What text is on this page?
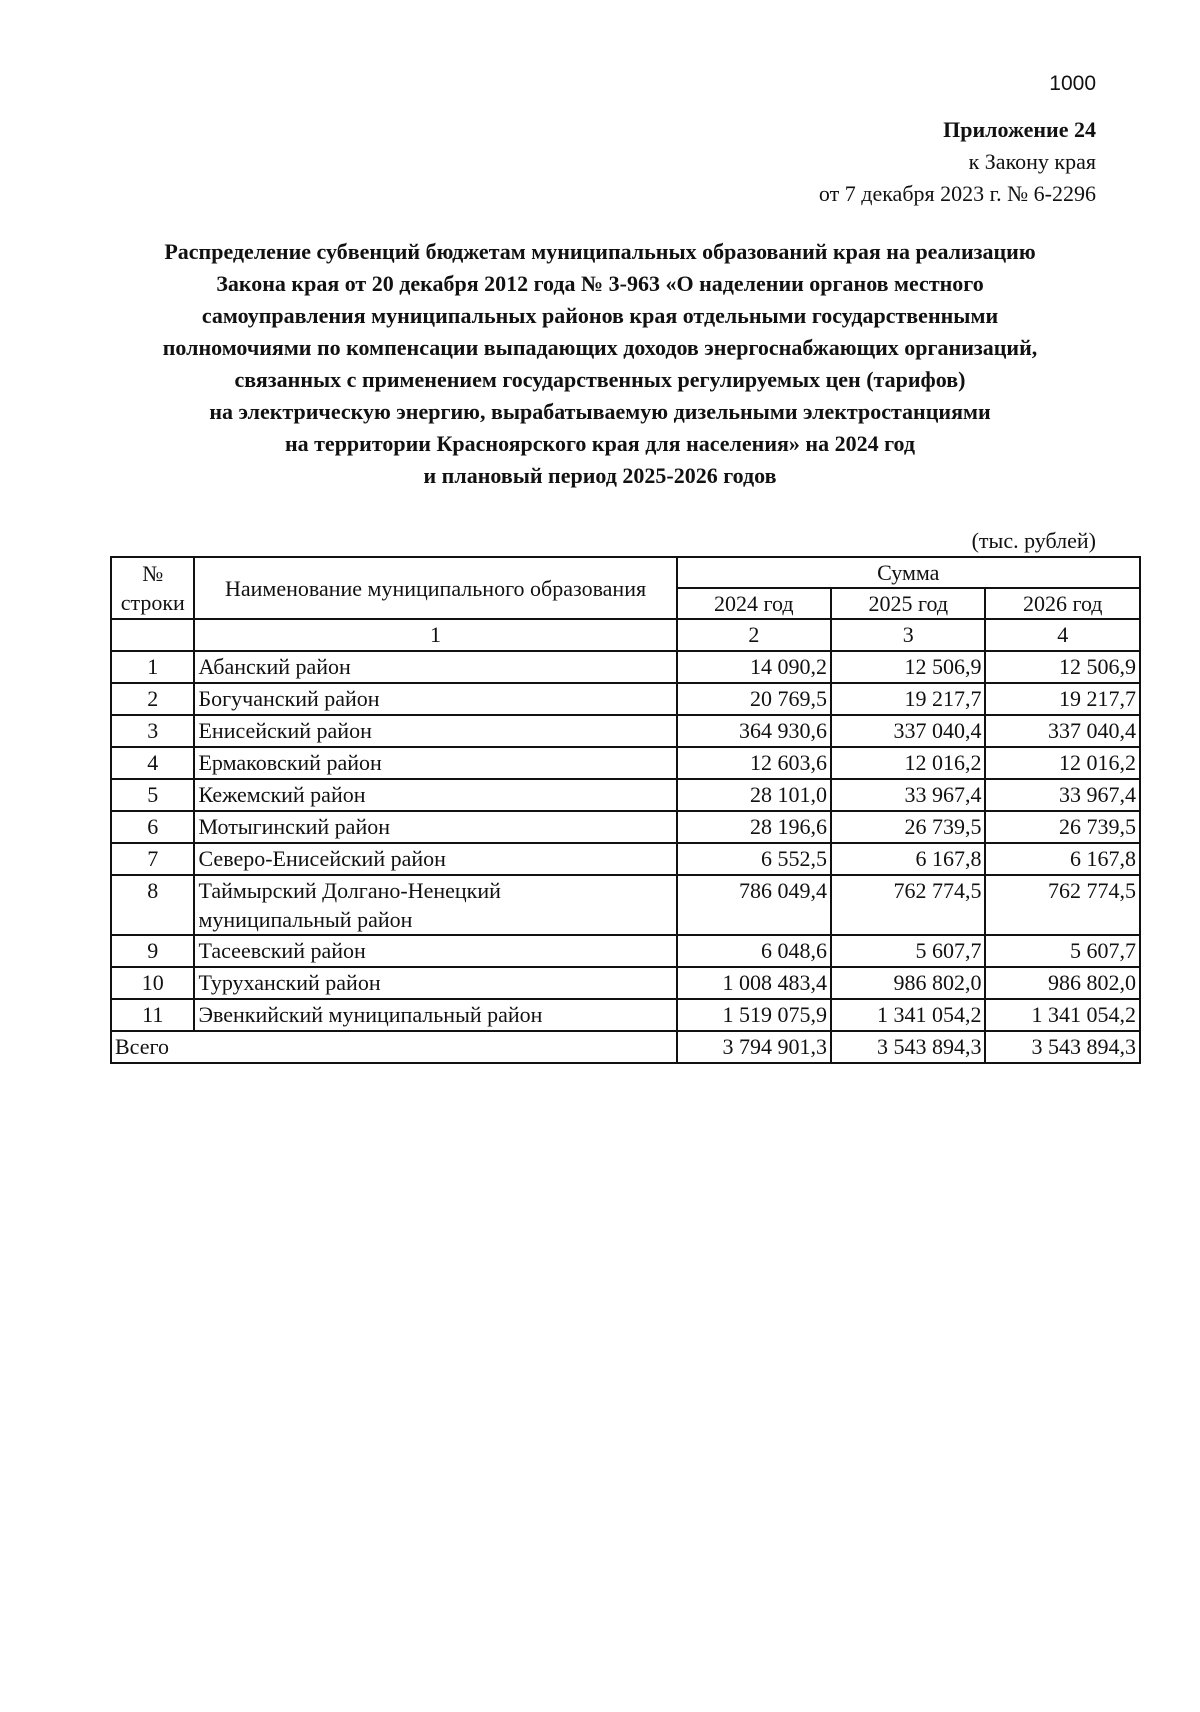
1000
Приложение 24
к Закону края
от 7 декабря 2023 г. № 6-2296
Распределение субвенций бюджетам муниципальных образований края на реализацию
Закона края от 20 декабря 2012 года № 3-963 «О наделении органов местного
самоуправления муниципальных районов края отдельными государственными
полномочиями по компенсации выпадающих доходов энергоснабжающих организаций,
связанных с применением государственных регулируемых цен (тарифов)
на электрическую энергию, вырабатываемую дизельными электростанциями
на территории Красноярского края для населения» на 2024 год
и плановый период 2025-2026 годов
(тыс. рублей)
№
строки	Наименование муниципального образования	Сумма		
		2024 год	2025 год	2026 год
	1	2	3	4
1	Абанский район	14 090,2	12 506,9	12 506,9
2	Богучанский район	20 769,5	19 217,7	19 217,7
3	Енисейский район	364 930,6	337 040,4	337 040,4
4	Ермаковский район	12 603,6	12 016,2	12 016,2
5	Кежемский район	28 101,0	33 967,4	33 967,4
6	Мотыгинский район	28 196,6	26 739,5	26 739,5
7	Северо-Енисейский район	6 552,5	6 167,8	6 167,8
8	Таймырский Долгано-Ненецкий
муниципальный район	786 049,4	762 774,5	762 774,5
9	Тасеевский район	6 048,6	5 607,7	5 607,7
10	Туруханский район	1 008 483,4	986 802,0	986 802,0
11	Эвенкийский муниципальный район	1 519 075,9	1 341 054,2	1 341 054,2
Всего		3 794 901,3	3 543 894,3	3 543 894,3
